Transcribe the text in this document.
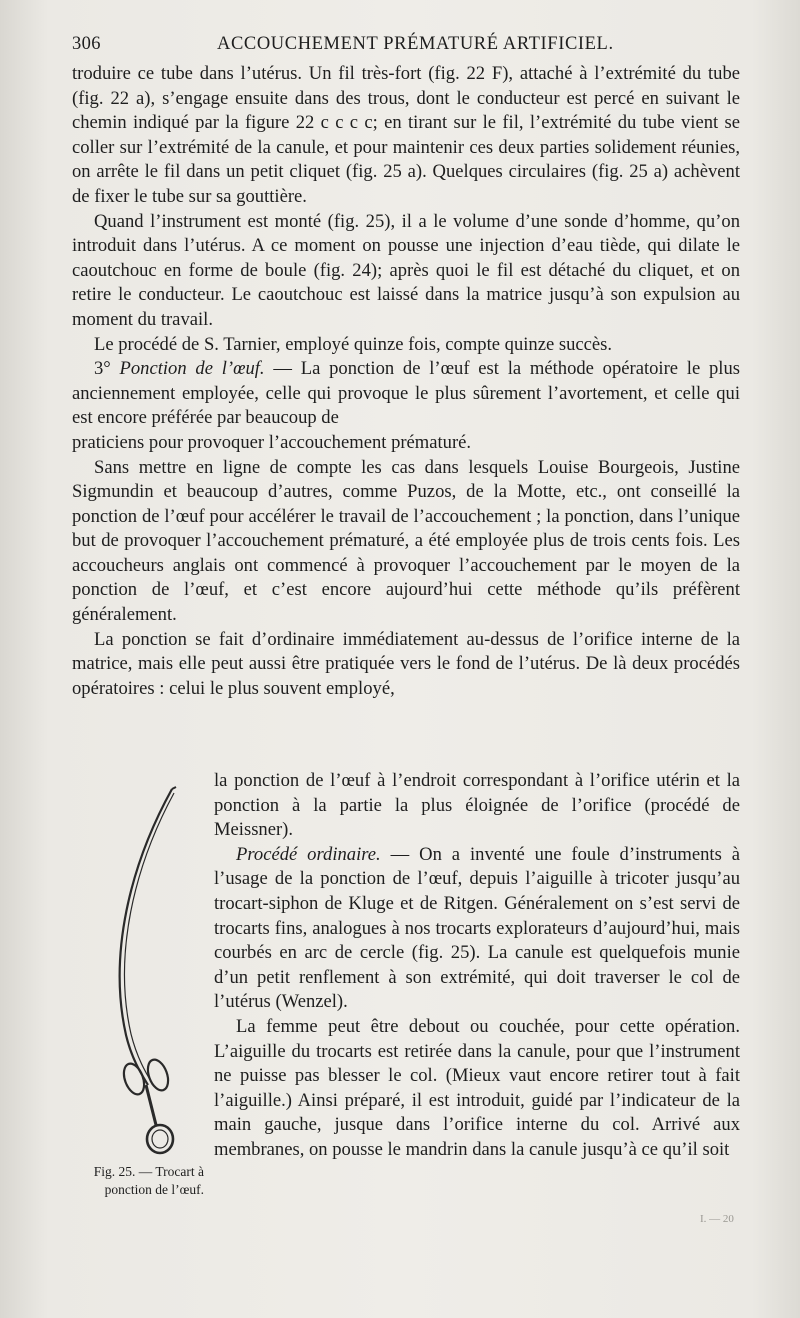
306	ACCOUCHEMENT PRÉMATURÉ ARTIFICIEL.

troduire ce tube dans l’utérus. Un fil très-fort (fig. 22 F), attaché à l’extrémité du tube (fig. 22 a), s’engage ensuite dans des trous, dont le conducteur est percé en suivant le chemin indiqué par la figure 22 c c c c; en tirant sur le fil, l’extrémité du tube vient se coller sur l’extrémité de la canule, et pour maintenir ces deux parties solidement réunies, on arrête le fil dans un petit cliquet (fig. 25 a). Quelques circulaires (fig. 25 a) achèvent de fixer le tube sur sa gouttière.

Quand l’instrument est monté (fig. 25), il a le volume d’une sonde d’homme, qu’on introduit dans l’utérus. A ce moment on pousse une injection d’eau tiède, qui dilate le caoutchouc en forme de boule (fig. 24); après quoi le fil est détaché du cliquet, et on retire le conducteur. Le caoutchouc est laissé dans la matrice jusqu’à son expulsion au moment du travail.

Le procédé de S. Tarnier, employé quinze fois, compte quinze succès.

3° Ponction de l’œuf. — La ponction de l’œuf est la méthode opératoire le plus anciennement employée, celle qui provoque le plus sûrement l’avortement, et celle qui est encore préférée par beaucoup de

praticiens pour provoquer l’accouchement prématuré.

Sans mettre en ligne de compte les cas dans lesquels Louise Bourgeois, Justine Sigmundin et beaucoup d’autres, comme Puzos, de la Motte, etc., ont conseillé la ponction de l’œuf pour accélérer le travail de l’accouchement ; la ponction, dans l’unique but de provoquer l’accouchement prématuré, a été employée plus de trois cents fois. Les accoucheurs anglais ont commencé à provoquer l’accouchement par le moyen de la ponction de l’œuf, et c’est encore aujourd’hui cette méthode qu’ils préfèrent généralement.

La ponction se fait d’ordinaire immédiatement au-dessus de l’orifice interne de la matrice, mais elle peut aussi être pratiquée vers le fond de l’utérus. De là deux procédés opératoires : celui le plus souvent employé,

la ponction de l’œuf à l’endroit correspondant à l’orifice utérin et la ponction à la partie la plus éloignée de l’orifice (procédé de Meissner).

Procédé ordinaire. — On a inventé une foule d’instruments à l’usage de la ponction de l’œuf, depuis l’aiguille à tricoter jusqu’au trocart-siphon de Kluge et de Ritgen. Généralement on s’est servi de trocarts fins, analogues à nos trocarts explorateurs d’aujourd’hui, mais courbés en arc de cercle (fig. 25). La canule est quelquefois munie d’un petit renflement à son extrémité, qui doit traverser le col de l’utérus (Wenzel).

La femme peut être debout ou couchée, pour cette opération. L’aiguille du trocarts est retirée dans la canule, pour que l’instrument ne puisse pas blesser le col. (Mieux vaut encore retirer tout à fait l’aiguille.) Ainsi préparé, il est introduit, guidé par l’indicateur de la main gauche, jusque dans l’orifice interne du col. Arrivé aux membranes, on pousse le mandrin dans la canule jusqu’à ce qu’il soit

Fig. 25. — Trocart à ponction de l’œuf.
I. — 20
